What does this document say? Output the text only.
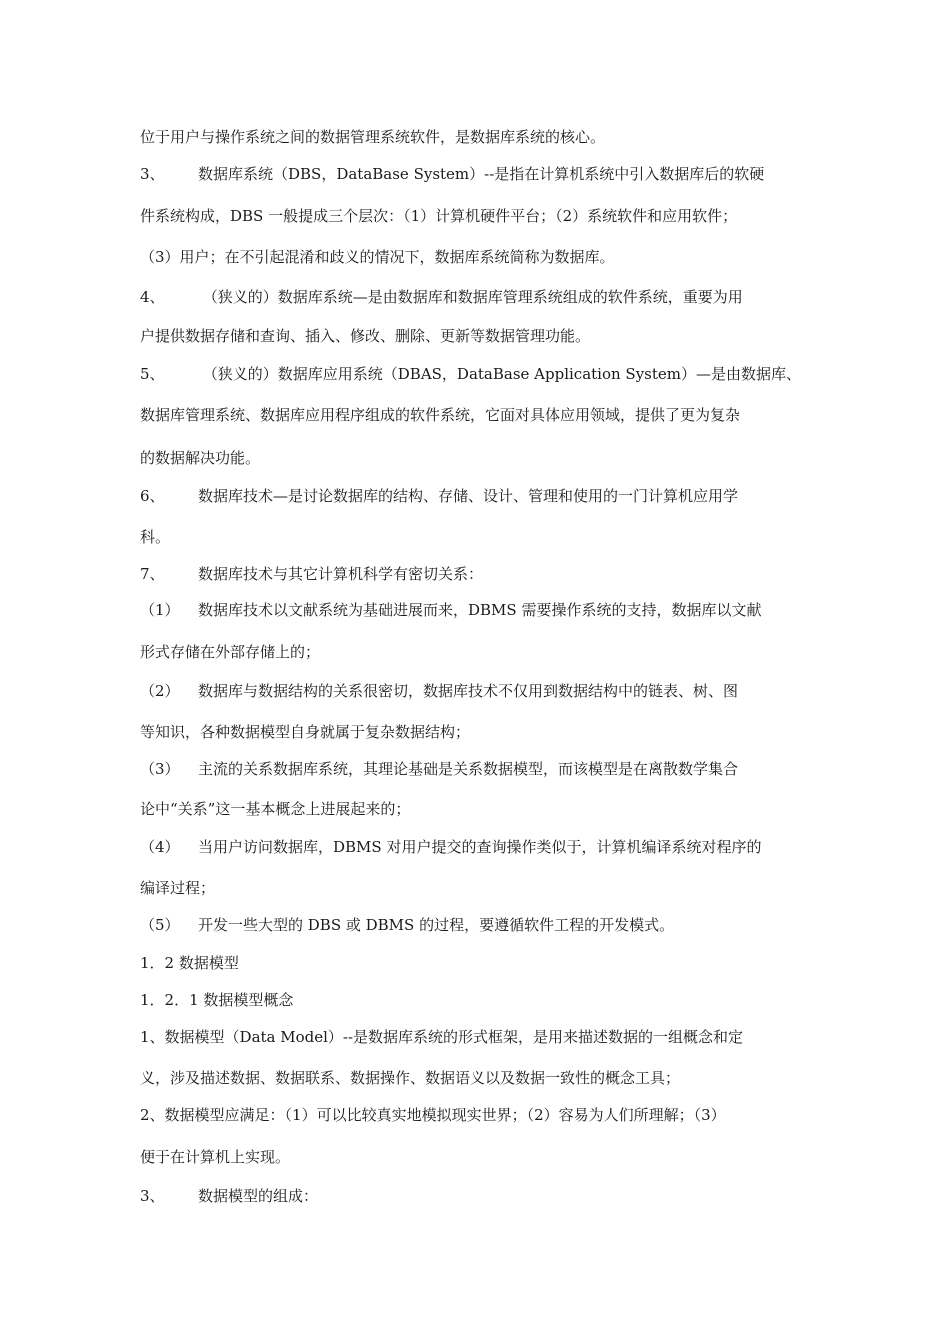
位于用户与操作系统之间的数据管理系统软件，是数据库系统的核心。
3、 数据库系统（DBS，DataBase System）--是指在计算机系统中引入数据库后的软硬
件系统构成，DBS 一般提成三个层次：（1）计算机硬件平台；（2）系统软件和应用软件；
（3）用户；在不引起混淆和歧义的情况下，数据库系统简称为数据库。
4、 （狭义的）数据库系统—是由数据库和数据库管理系统组成的软件系统，重要为用
户提供数据存储和查询、插入、修改、删除、更新等数据管理功能。
5、 （狭义的）数据库应用系统（DBAS，DataBase Application System）—是由数据库、
数据库管理系统、数据库应用程序组成的软件系统，它面对具体应用领域，提供了更为复杂
的数据解决功能。
6、 数据库技术—是讨论数据库的结构、存储、设计、管理和使用的一门计算机应用学
科。
7、 数据库技术与其它计算机科学有密切关系：
（1） 数据库技术以文献系统为基础进展而来，DBMS 需要操作系统的支持，数据库以文献
形式存储在外部存储上的；
（2） 数据库与数据结构的关系很密切，数据库技术不仅用到数据结构中的链表、树、图
等知识，各种数据模型自身就属于复杂数据结构；
（3） 主流的关系数据库系统，其理论基础是关系数据模型，而该模型是在离散数学集合
论中“关系”这一基本概念上进展起来的；
（4） 当用户访问数据库，DBMS 对用户提交的查询操作类似于，计算机编译系统对程序的
编译过程；
（5） 开发一些大型的 DBS 或 DBMS 的过程，要遵循软件工程的开发模式。
1．2 数据模型
1．2．1 数据模型概念
1、数据模型（Data Model）--是数据库系统的形式框架，是用来描述数据的一组概念和定
义，涉及描述数据、数据联系、数据操作、数据语义以及数据一致性的概念工具；
2、数据模型应满足：（1）可以比较真实地模拟现实世界；（2）容易为人们所理解；（3）
便于在计算机上实现。
3、 数据模型的组成：
